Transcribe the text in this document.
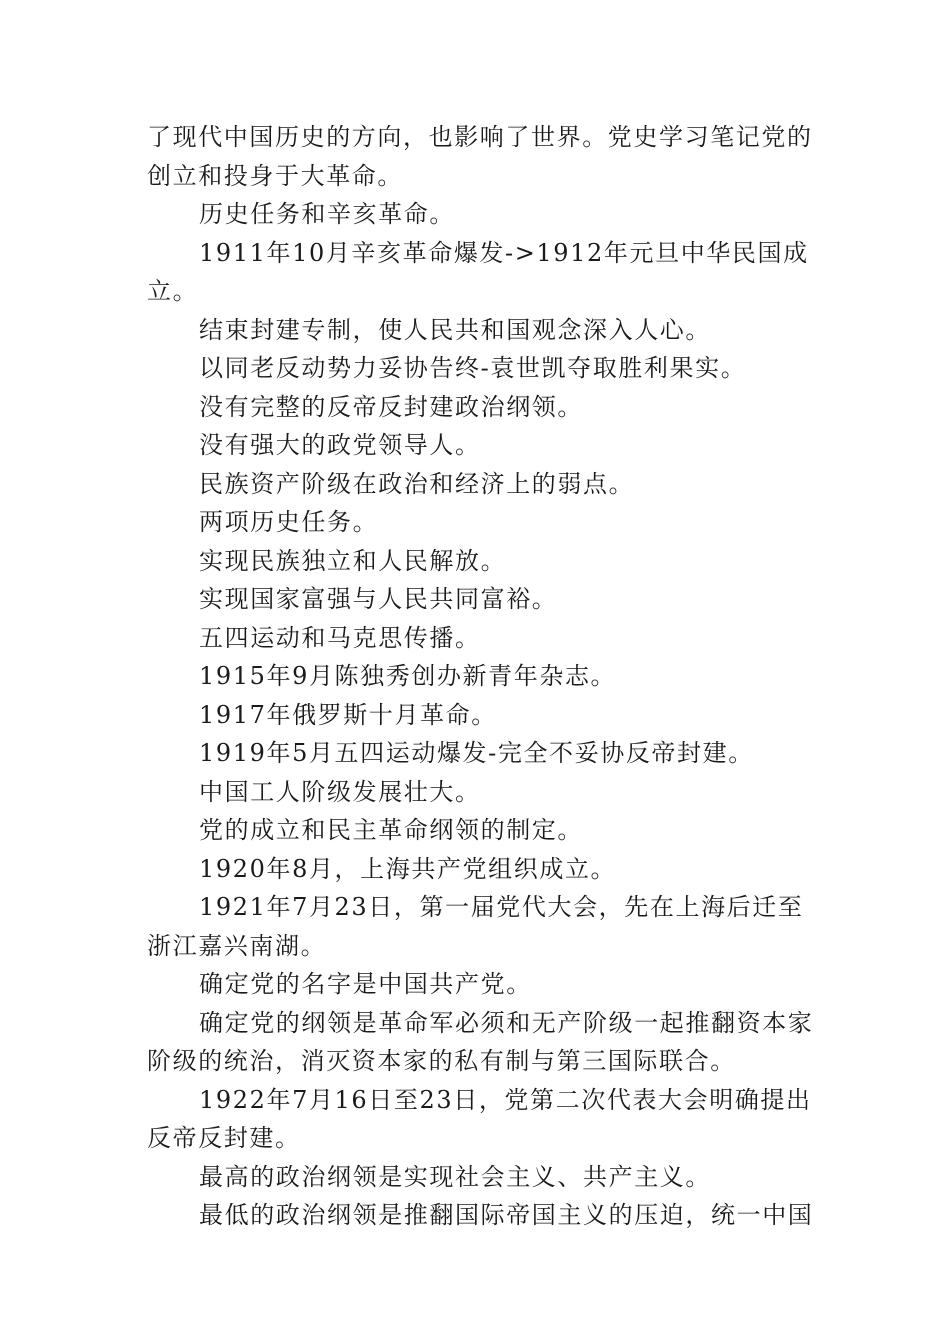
了现代中国历史的方向，也影响了世界。党史学习笔记党的创立和投身于大革命。

历史任务和辛亥革命。

1911年10月辛亥革命爆发->1912年元旦中华民国成立。

结束封建专制，使人民共和国观念深入人心。

以同老反动势力妥协告终-袁世凯夺取胜利果实。

没有完整的反帝反封建政治纲领。

没有强大的政党领导人。

民族资产阶级在政治和经济上的弱点。

两项历史任务。

实现民族独立和人民解放。

实现国家富强与人民共同富裕。

五四运动和马克思传播。

1915年9月陈独秀创办新青年杂志。

1917年俄罗斯十月革命。

1919年5月五四运动爆发-完全不妥协反帝封建。

中国工人阶级发展壮大。

党的成立和民主革命纲领的制定。

1920年8月，上海共产党组织成立。

1921年7月23日，第一届党代大会，先在上海后迁至浙江嘉兴南湖。

确定党的名字是中国共产党。

确定党的纲领是革命军必须和无产阶级一起推翻资本家阶级的统治，消灭资本家的私有制与第三国际联合。

1922年7月16日至23日，党第二次代表大会明确提出反帝反封建。

最高的政治纲领是实现社会主义、共产主义。

最低的政治纲领是推翻国际帝国主义的压迫，统一中国
